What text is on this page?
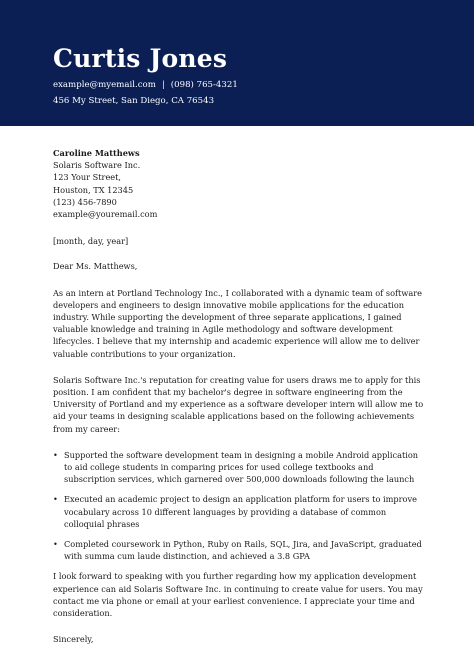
Curtis Jones
example@myemail.com | (098) 765-4321
456 My Street, San Diego, CA 76543
Caroline Matthews
Solaris Software Inc.
123 Your Street,
Houston, TX 12345
(123) 456-7890
example@youremail.com

[month, day, year]

Dear Ms. Matthews,

As an intern at Portland Technology Inc., I collaborated with a dynamic team of software developers and engineers to design innovative mobile applications for the education industry. While supporting the development of three separate applications, I gained valuable knowledge and training in Agile methodology and software development lifecycles. I believe that my internship and academic experience will allow me to deliver valuable contributions to your organization.

Solaris Software Inc.'s reputation for creating value for users draws me to apply for this position. I am confident that my bachelor's degree in software engineering from the University of Portland and my experience as a software developer intern will allow me to aid your teams in designing scalable applications based on the following achievements from my career:

• Supported the software development team in designing a mobile Android application to aid college students in comparing prices for used college textbooks and subscription services, which garnered over 500,000 downloads following the launch
• Executed an academic project to design an application platform for users to improve vocabulary across 10 different languages by providing a database of common colloquial phrases
• Completed coursework in Python, Ruby on Rails, SQL, Jira, and JavaScript, graduated with summa cum laude distinction, and achieved a 3.8 GPA

I look forward to speaking with you further regarding how my application development experience can aid Solaris Software Inc. in continuing to create value for users. You may contact me via phone or email at your earliest convenience. I appreciate your time and consideration.

Sincerely,
